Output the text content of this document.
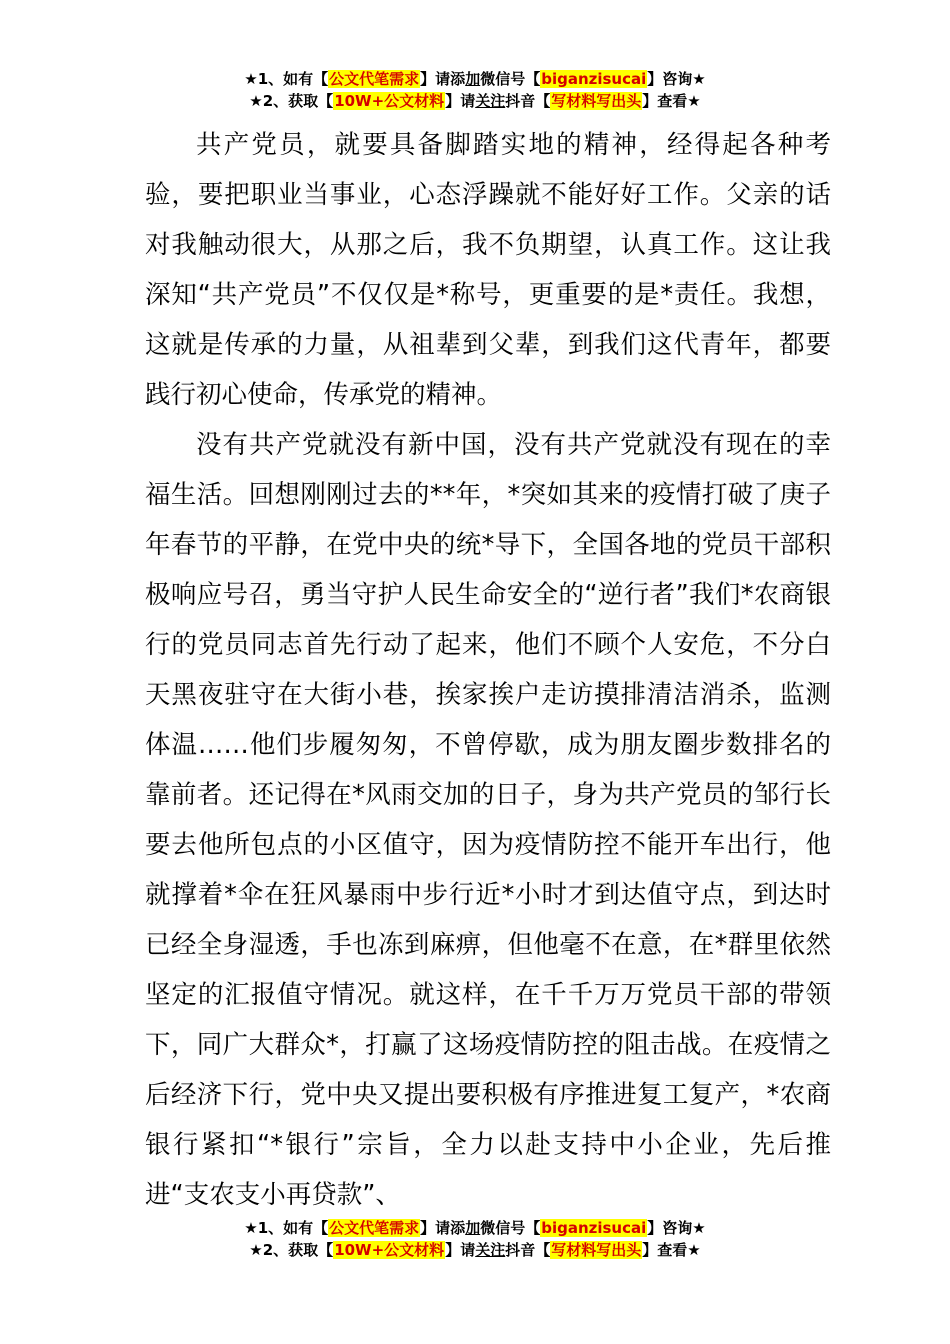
★1、如有【公文代笔需求】请添加微信号【biganzisucai】咨询★
★2、获取【10W+公文材料】请关注抖音【写材料写出头】查看★

共产党员，就要具备脚踏实地的精神，经得起各种考验，要把职业当事业，心态浮躁就不能好好工作。父亲的话对我触动很大，从那之后，我不负期望，认真工作。这让我深知“共产党员”不仅仅是*称号，更重要的是*责任。我想，这就是传承的力量，从祖辈到父辈，到我们这代青年，都要践行初心使命，传承党的精神。

没有共产党就没有新中国，没有共产党就没有现在的幸福生活。回想刚刚过去的**年，*突如其来的疫情打破了庚子年春节的平静，在党中央的统*导下，全国各地的党员干部积极响应号召，勇当守护人民生命安全的“逆行者”我们*农商银行的党员同志首先行动了起来，他们不顾个人安危，不分白天黑夜驻守在大街小巷，挨家挨户走访摸排清洁消杀，监测体温……他们步履匆匆，不曾停歇，成为朋友圈步数排名的靠前者。还记得在*风雨交加的日子，身为共产党员的邹行长要去他所包点的小区值守，因为疫情防控不能开车出行，他就撑着*伞在狂风暴雨中步行近*小时才到达值守点，到达时已经全身湿透，手也冻到麻痹，但他毫不在意，在*群里依然坚定的汇报值守情况。就这样，在千千万万党员干部的带领下，同广大群众*，打赢了这场疫情防控的阻击战。在疫情之后经济下行，党中央又提出要积极有序推进复工复产，*农商银行紧扣“*银行”宗旨，全力以赴支持中小企业，先后推进“支农支小再贷款”、

★1、如有【公文代笔需求】请添加微信号【biganzisucai】咨询★
★2、获取【10W+公文材料】请关注抖音【写材料写出头】查看★
